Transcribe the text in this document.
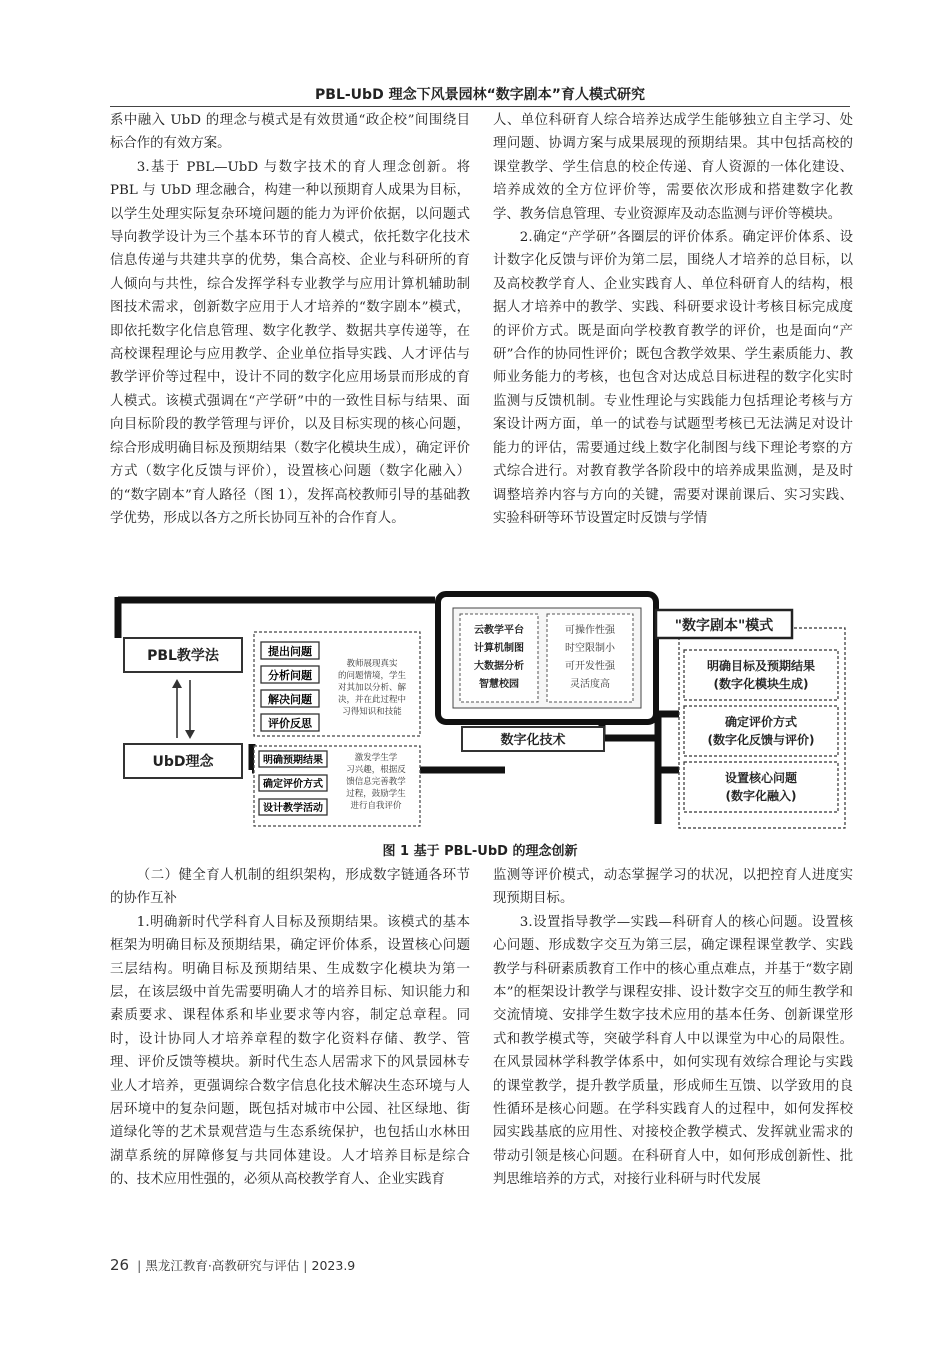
PBL-UbD 理念下风景园林“数字剧本”育人模式研究

系中融入 UbD 的理念与模式是有效贯通“政企校”间围绕目标合作的有效方案。

3.基于 PBL—UbD 与数字技术的育人理念创新。将 PBL 与 UbD 理念融合，构建一种以预期育人成果为目标，以学生处理实际复杂环境问题的能力为评价依据，以问题式导向教学设计为三个基本环节的育人模式，依托数字化技术信息传递与共建共享的优势，集合高校、企业与科研所的育人倾向与共性，综合发挥学科专业教学与应用计算机辅助制图技术需求，创新数字应用于人才培养的“数字剧本”模式，即依托数字化信息管理、数字化教学、数据共享传递等，在高校课程理论与应用教学、企业单位指导实践、人才评估与教学评价等过程中，设计不同的数字化应用场景而形成的育人模式。该模式强调在“产学研”中的一致性目标与结果、面向目标阶段的教学管理与评价，以及目标实现的核心问题，综合形成明确目标及预期结果（数字化模块生成），确定评价方式（数字化反馈与评价），设置核心问题（数字化融入）的“数字剧本”育人路径（图 1），发挥高校教师引导的基础教学优势，形成以各方之所长协同互补的合作育人。

人、单位科研育人综合培养达成学生能够独立自主学习、处理问题、协调方案与成果展现的预期结果。其中包括高校的课堂教学、学生信息的校企传递、育人资源的一体化建设、培养成效的全方位评价等，需要依次形成和搭建数字化教学、教务信息管理、专业资源库及动态监测与评价等模块。

2.确定“产学研”各圈层的评价体系。确定评价体系、设计数字化反馈与评价为第二层，围绕人才培养的总目标，以及高校教学育人、企业实践育人、单位科研育人的结构，根据人才培养中的教学、实践、科研要求设计考核目标完成度的评价方式。既是面向学校教育教学的评价，也是面向“产研”合作的协同性评价；既包含教学效果、学生素质能力、教师业务能力的考核，也包含对达成总目标进程的数字化实时监测与反馈机制。专业性理论与实践能力包括理论考核与方案设计两方面，单一的试卷与试题型考核已无法满足对设计能力的评估，需要通过线上数字化制图与线下理论考察的方式综合进行。对教育教学各阶段中的培养成果监测，是及时调整培养内容与方向的关键，需要对课前课后、实习实践、实验科研等环节设置定时反馈与学情

PBL教学法
UbD理念
提出问题
分析问题
解决问题
评价反思
教师展现真实
的问题情境，学生
对其加以分析、解
决，并在此过程中
习得知识和技能
明确预期结果
确定评价方式
设计教学活动
激发学生学
习兴趣，根据反
馈信息完善教学
过程，鼓励学生
进行自我评价
云教学平台
计算机制图
大数据分析
智慧校园
可操作性强
时空限制小
可开发性强
灵活度高
数字化技术
"数字剧本"模式
明确目标及预期结果
(数字化模块生成)
确定评价方式
(数字化反馈与评价)
设置核心问题
(数字化融入)
图 1 基于 PBL-UbD 的理念创新

（二）健全育人机制的组织架构，形成数字链通各环节的协作互补

1.明确新时代学科育人目标及预期结果。该模式的基本框架为明确目标及预期结果，确定评价体系，设置核心问题三层结构。明确目标及预期结果、生成数字化模块为第一层，在该层级中首先需要明确人才的培养目标、知识能力和素质要求、课程体系和毕业要求等内容，制定总章程。同时，设计协同人才培养章程的数字化资料存储、教学、管理、评价反馈等模块。新时代生态人居需求下的风景园林专业人才培养，更强调综合数字信息化技术解决生态环境与人居环境中的复杂问题，既包括对城市中公园、社区绿地、街道绿化等的艺术景观营造与生态系统保护，也包括山水林田湖草系统的屏障修复与共同体建设。人才培养目标是综合的、技术应用性强的，必须从高校教学育人、企业实践育

监测等评价模式，动态掌握学习的状况，以把控育人进度实现预期目标。

3.设置指导教学—实践—科研育人的核心问题。设置核心问题、形成数字交互为第三层，确定课程课堂教学、实践教学与科研素质教育工作中的核心重点难点，并基于“数字剧本”的框架设计教学与课程安排、设计数字交互的师生教学和交流情境、安排学生数字技术应用的基本任务、创新课堂形式和教学模式等，突破学科育人中以课堂为中心的局限性。在风景园林学科教学体系中，如何实现有效综合理论与实践的课堂教学，提升教学质量，形成师生互馈、以学致用的良性循环是核心问题。在学科实践育人的过程中，如何发挥校园实践基底的应用性、对接校企教学模式、发挥就业需求的带动引领是核心问题。在科研育人中，如何形成创新性、批判思维培养的方式，对接行业科研与时代发展

26 | 黑龙江教育·高教研究与评估 | 2023.9
